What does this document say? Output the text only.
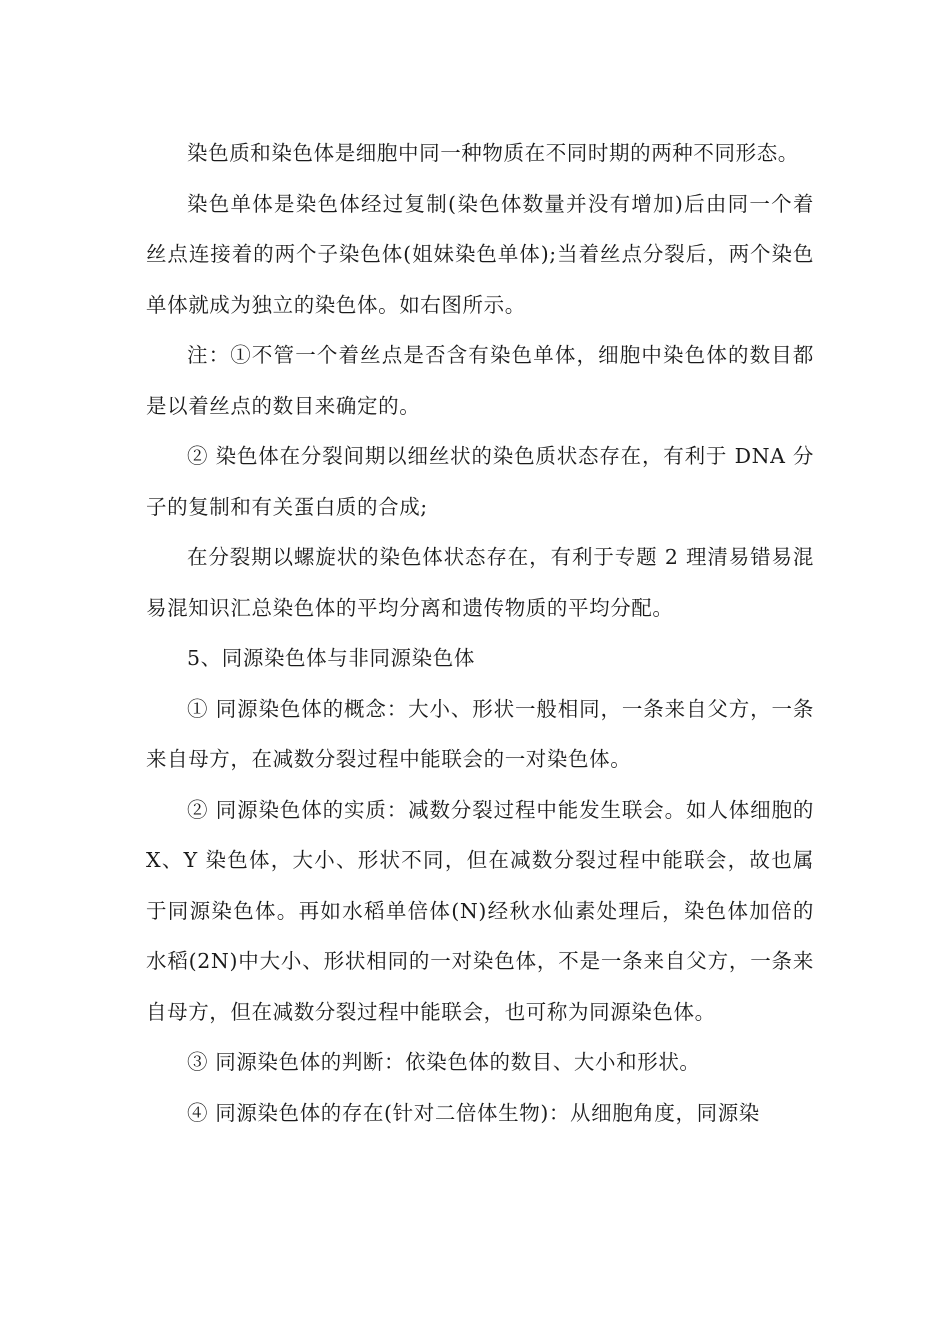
染色质和染色体是细胞中同一种物质在不同时期的两种不同形态。

染色单体是染色体经过复制(染色体数量并没有增加)后由同一个着丝点连接着的两个子染色体(姐妹染色单体);当着丝点分裂后，两个染色单体就成为独立的染色体。如右图所示。

注：①不管一个着丝点是否含有染色单体，细胞中染色体的数目都是以着丝点的数目来确定的。

② 染色体在分裂间期以细丝状的染色质状态存在，有利于 DNA 分子的复制和有关蛋白质的合成;

在分裂期以螺旋状的染色体状态存在，有利于专题 2 理清易错易混易混知识汇总染色体的平均分离和遗传物质的平均分配。

5、同源染色体与非同源染色体

① 同源染色体的概念：大小、形状一般相同，一条来自父方，一条来自母方，在减数分裂过程中能联会的一对染色体。

② 同源染色体的实质：减数分裂过程中能发生联会。如人体细胞的 X、Y 染色体，大小、形状不同，但在减数分裂过程中能联会，故也属于同源染色体。再如水稻单倍体(N)经秋水仙素处理后，染色体加倍的水稻(2N)中大小、形状相同的一对染色体，不是一条来自父方，一条来自母方，但在减数分裂过程中能联会，也可称为同源染色体。

③ 同源染色体的判断：依染色体的数目、大小和形状。

④ 同源染色体的存在(针对二倍体生物)：从细胞角度，同源染
